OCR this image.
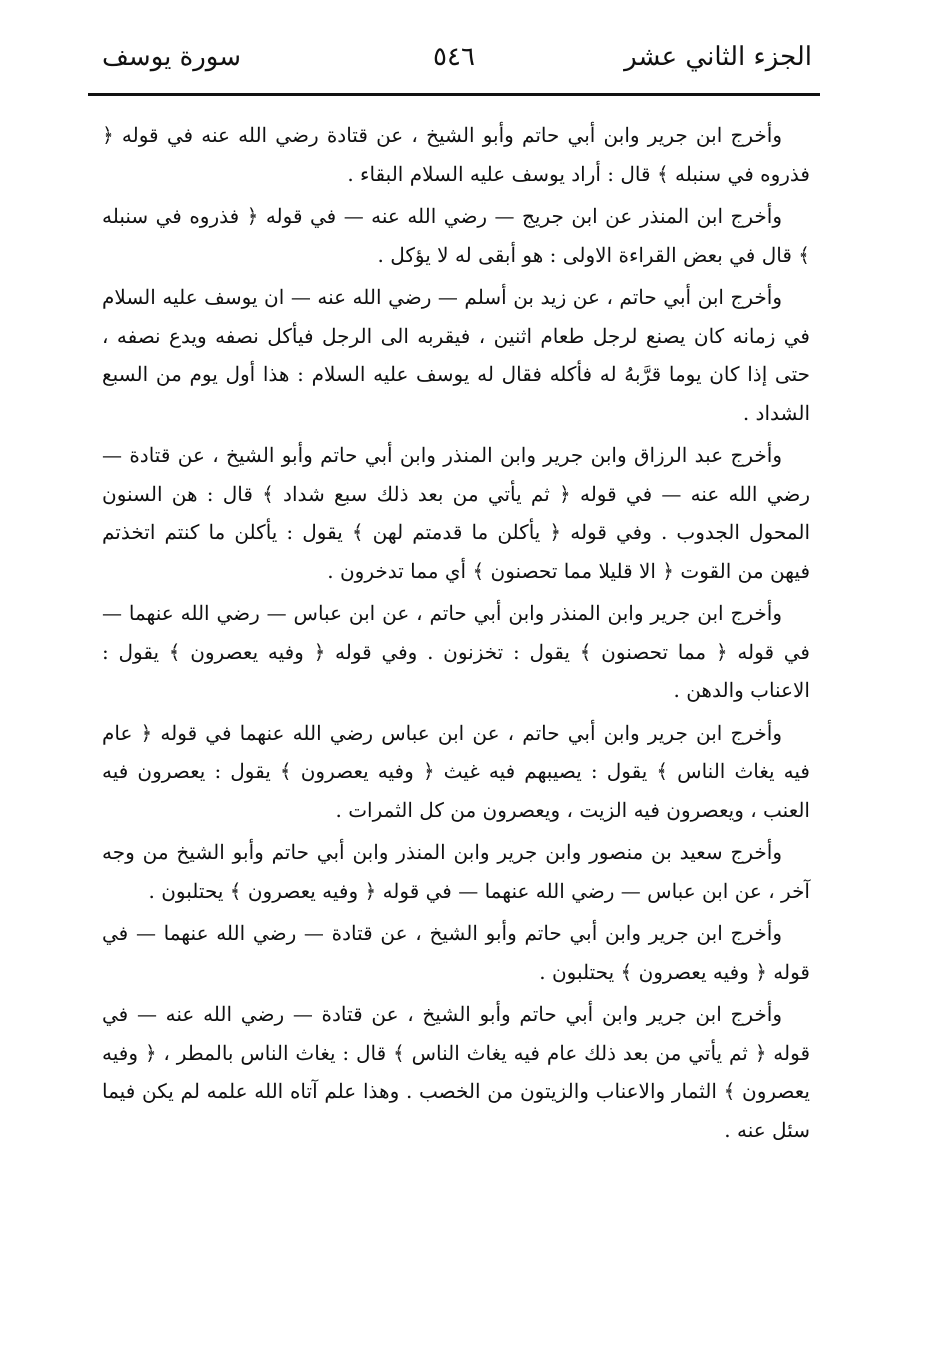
الجزء الثاني عشر
٥٤٦
سورة يوسف

وأخرج ابن جرير وابن أبي حاتم وأبو الشيخ ، عن قتادة رضي الله عنه في قوله ﴿ فذروه في سنبله ﴾ قال : أراد يوسف عليه السلام البقاء .

وأخرج ابن المنذر عن ابن جريج — رضي الله عنه — في قوله ﴿ فذروه في سنبله ﴾ قال في بعض القراءة الاولى : هو أبقى له لا يؤكل .

وأخرج ابن أبي حاتم ، عن زيد بن أسلم — رضي الله عنه — ان يوسف عليه السلام في زمانه كان يصنع لرجل طعام اثنين ، فيقربه الى الرجل فيأكل نصفه ويدع نصفه ، حتى إذا كان يوما قرَّبهُ له فأكله فقال له يوسف عليه السلام : هذا أول يوم من السبع الشداد .

وأخرج عبد الرزاق وابن جرير وابن المنذر وابن أبي حاتم وأبو الشيخ ، عن قتادة — رضي الله عنه — في قوله ﴿ ثم يأتي من بعد ذلك سبع شداد ﴾ قال : هن السنون المحول الجدوب . وفي قوله ﴿ يأكلن ما قدمتم لهن ﴾ يقول : يأكلن ما كنتم اتخذتم فيهن من القوت ﴿ الا قليلا مما تحصنون ﴾ أي مما تدخرون .

وأخرج ابن جرير وابن المنذر وابن أبي حاتم ، عن ابن عباس — رضي الله عنهما — في قوله ﴿ مما تحصنون ﴾ يقول : تخزنون . وفي قوله ﴿ وفيه يعصرون ﴾ يقول : الاعناب والدهن .

وأخرج ابن جرير وابن أبي حاتم ، عن ابن عباس رضي الله عنهما في قوله ﴿ عام فيه يغاث الناس ﴾ يقول : يصيبهم فيه غيث ﴿ وفيه يعصرون ﴾ يقول : يعصرون فيه العنب ، ويعصرون فيه الزيت ، ويعصرون من كل الثمرات .

وأخرج سعيد بن منصور وابن جرير وابن المنذر وابن أبي حاتم وأبو الشيخ من وجه آخر ، عن ابن عباس — رضي الله عنهما — في قوله ﴿ وفيه يعصرون ﴾ يحتلبون .

وأخرج ابن جرير وابن أبي حاتم وأبو الشيخ ، عن قتادة — رضي الله عنهما — في قوله ﴿ وفيه يعصرون ﴾ يحتلبون .

وأخرج ابن جرير وابن أبي حاتم وأبو الشيخ ، عن قتادة — رضي الله عنه — في قوله ﴿ ثم يأتي من بعد ذلك عام فيه يغاث الناس ﴾ قال : يغاث الناس بالمطر ، ﴿ وفيه يعصرون ﴾ الثمار والاعناب والزيتون من الخصب . وهذا علم آتاه الله علمه لم يكن فيما سئل عنه .
